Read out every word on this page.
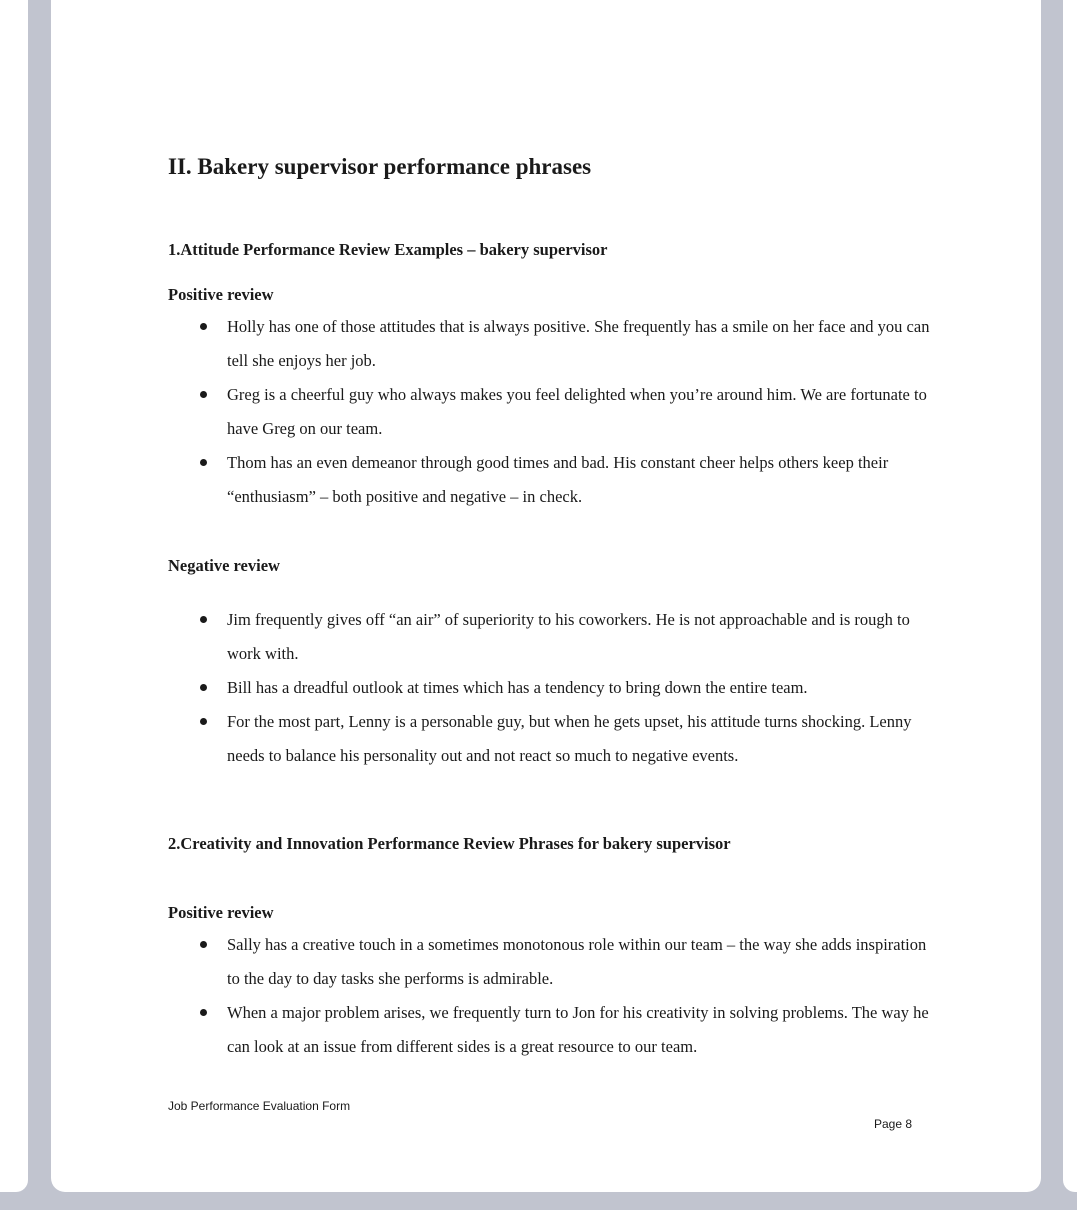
II. Bakery supervisor performance phrases
1.Attitude Performance Review Examples – bakery supervisor
Positive review
Holly has one of those attitudes that is always positive. She frequently has a smile on her face and you can tell she enjoys her job.
Greg is a cheerful guy who always makes you feel delighted when you’re around him. We are fortunate to have Greg on our team.
Thom has an even demeanor through good times and bad. His constant cheer helps others keep their “enthusiasm” – both positive and negative – in check.
Negative review
Jim frequently gives off “an air” of superiority to his coworkers. He is not approachable and is rough to work with.
Bill has a dreadful outlook at times which has a tendency to bring down the entire team.
For the most part, Lenny is a personable guy, but when he gets upset, his attitude turns shocking. Lenny needs to balance his personality out and not react so much to negative events.
2.Creativity and Innovation Performance Review Phrases for bakery supervisor
Positive review
Sally has a creative touch in a sometimes monotonous role within our team – the way she adds inspiration to the day to day tasks she performs is admirable.
When a major problem arises, we frequently turn to Jon for his creativity in solving problems. The way he can look at an issue from different sides is a great resource to our team.

Job Performance Evaluation Form

Page 8
